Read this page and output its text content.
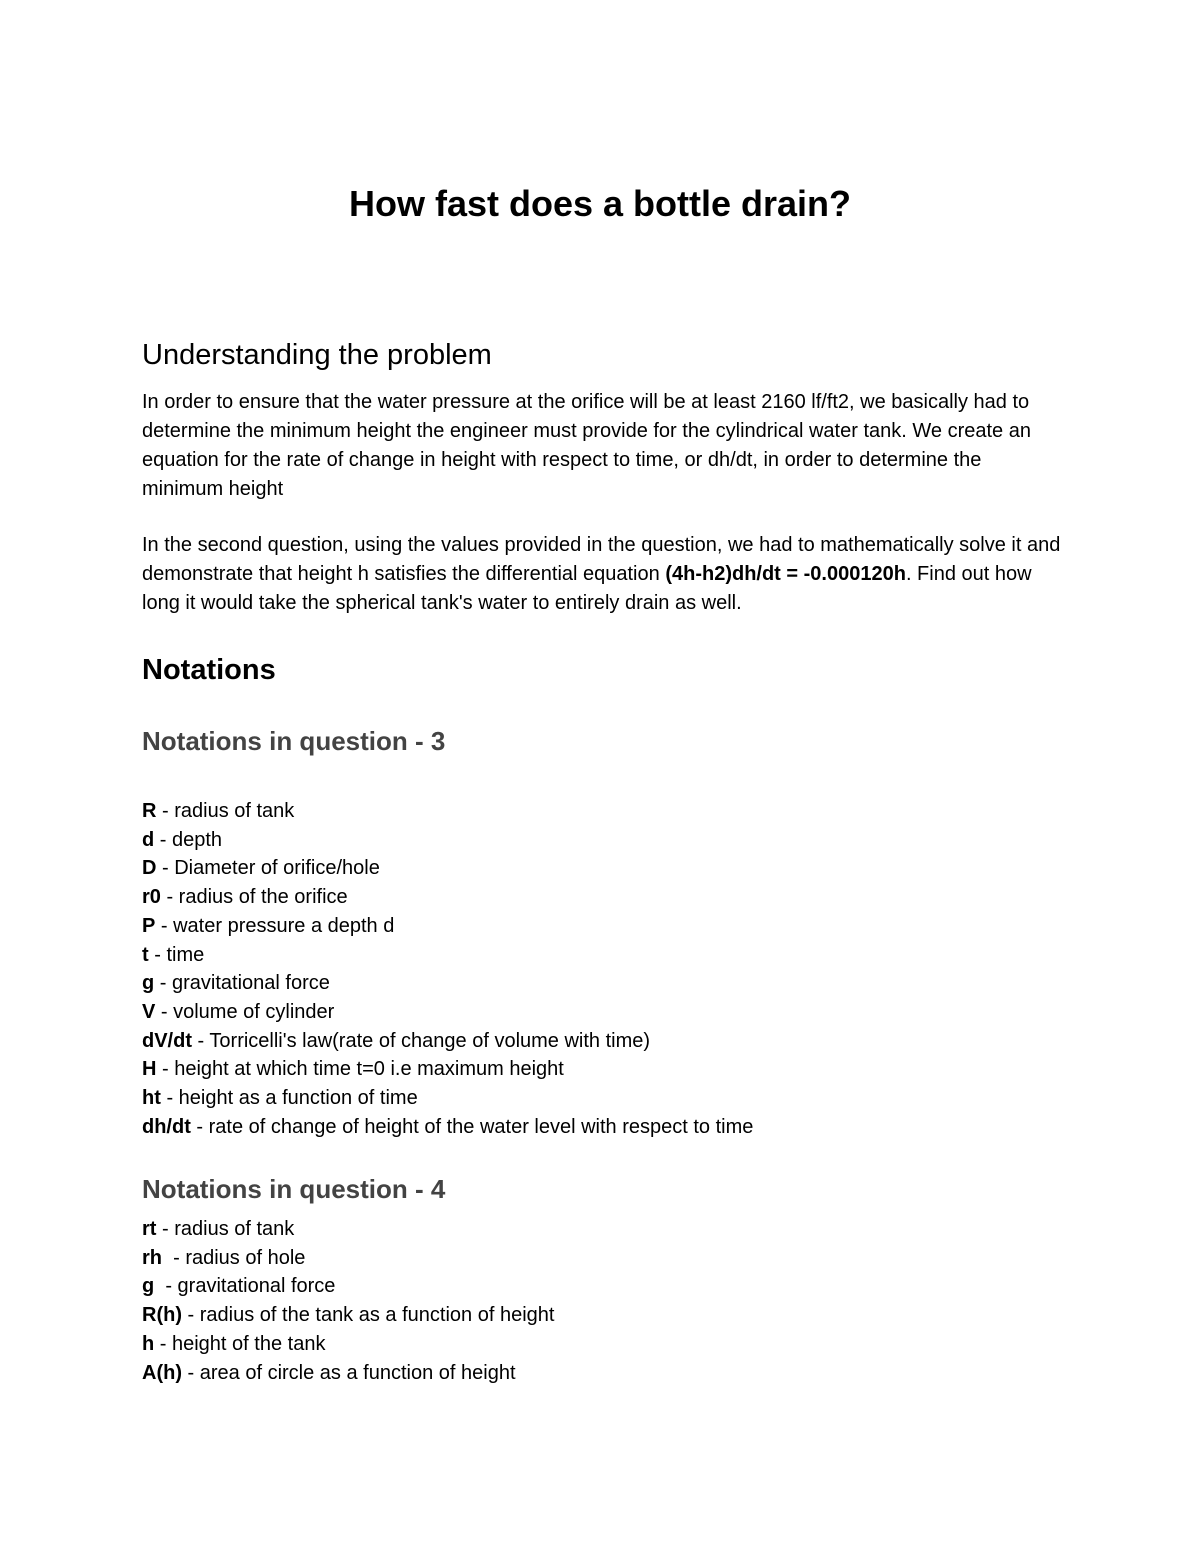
How fast does a bottle drain?
Understanding the problem

In order to ensure that the water pressure at the orifice will be at least 2160 lf/ft2, we basically had to determine the minimum height the engineer must provide for the cylindrical water tank. We create an equation for the rate of change in height with respect to time, or dh/dt, in order to determine the minimum height

In the second question, using the values provided in the question, we had to mathematically solve it and demonstrate that height h satisfies the differential equation (4h-h2)dh/dt = -0.000120h. Find out how long it would take the spherical tank's water to entirely drain as well.

Notations
Notations in question - 3
R - radius of tank
d - depth
D - Diameter of orifice/hole
r0 - radius of the orifice
P - water pressure a depth d
t - time
g - gravitational force
V - volume of cylinder
dV/dt - Torricelli's law(rate of change of volume with time)
H - height at which time t=0 i.e maximum height
ht - height as a function of time
dh/dt - rate of change of height of the water level with respect to time
Notations in question - 4
rt - radius of tank
rh  - radius of hole
g  - gravitational force
R(h) - radius of the tank as a function of height
h - height of the tank
A(h) - area of circle as a function of height
